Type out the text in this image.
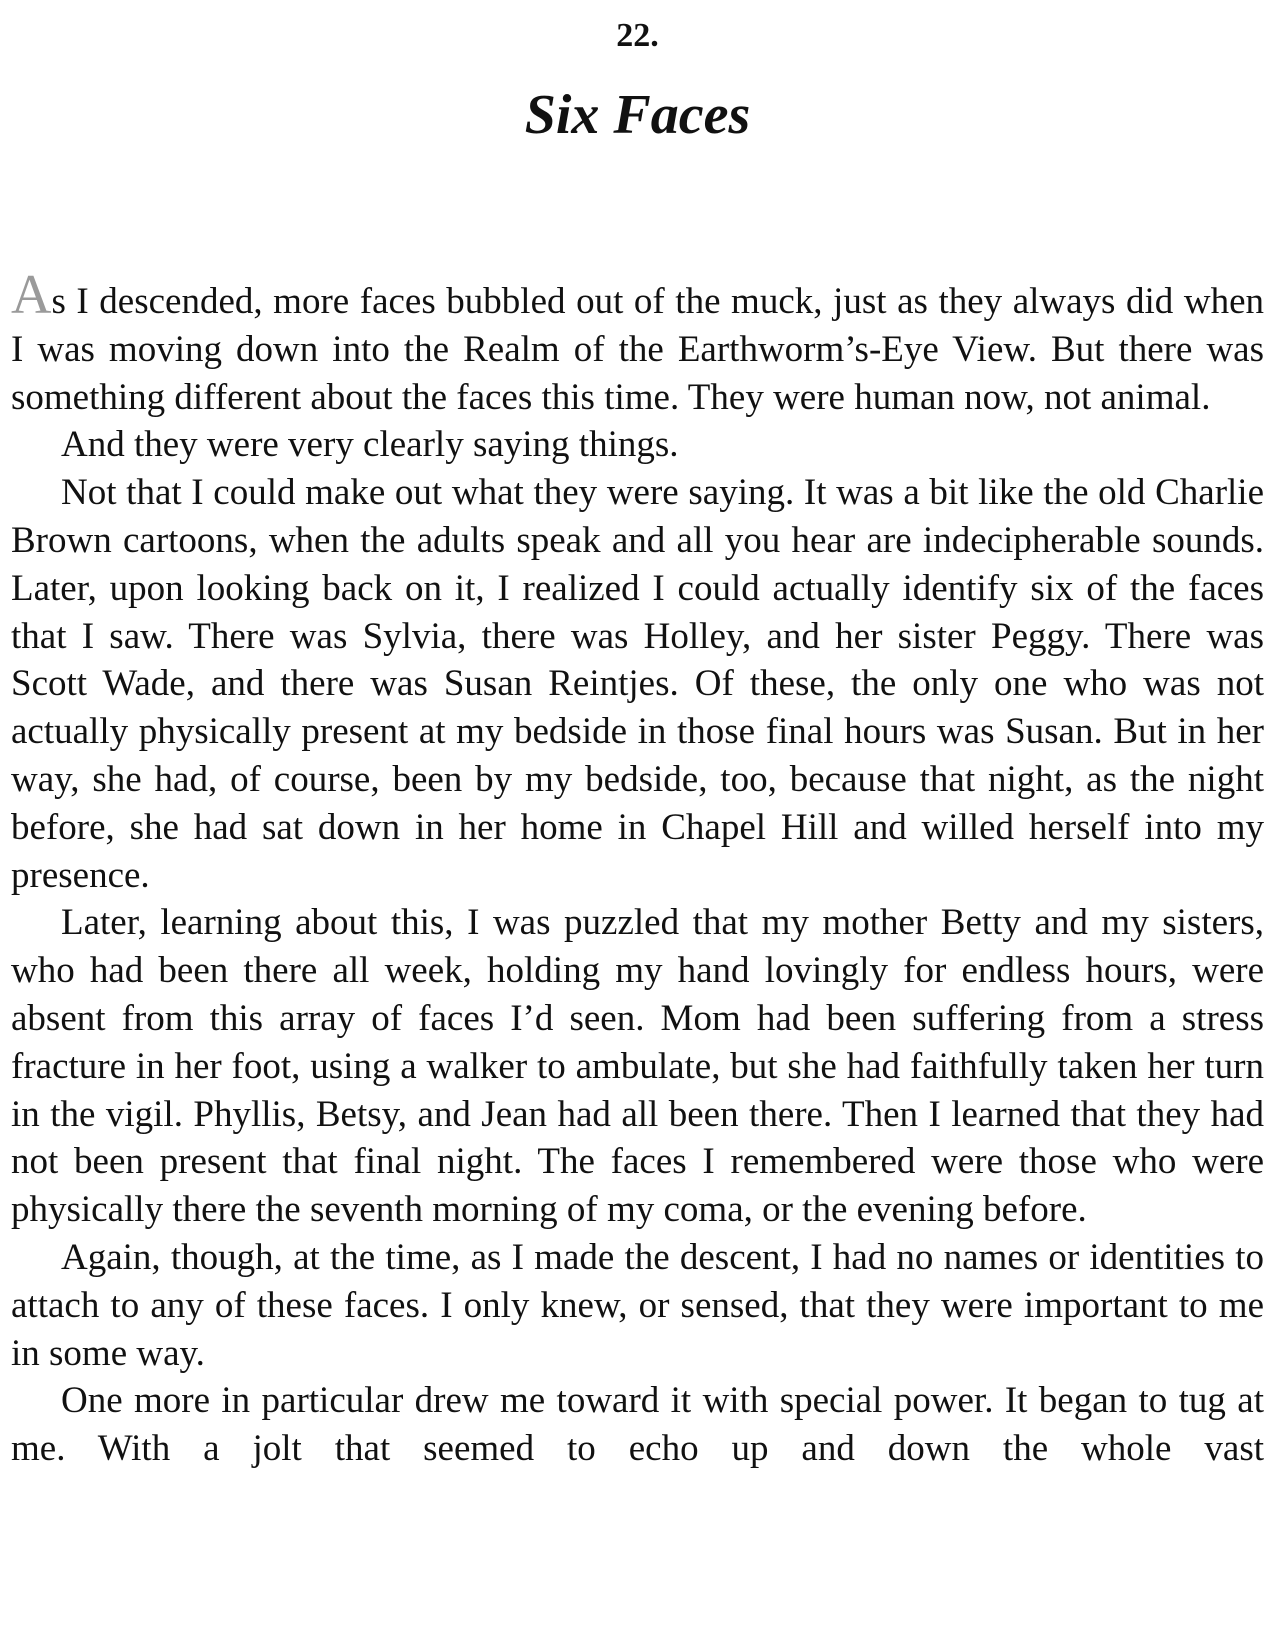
22.
Six Faces

As I descended, more faces bubbled out of the muck, just as they always did when I was moving down into the Realm of the Earthworm’s-Eye View. But there was something different about the faces this time. They were human now, not animal.

And they were very clearly saying things.

Not that I could make out what they were saying. It was a bit like the old Charlie Brown cartoons, when the adults speak and all you hear are indecipherable sounds. Later, upon looking back on it, I realized I could actually identify six of the faces that I saw. There was Sylvia, there was Holley, and her sister Peggy. There was Scott Wade, and there was Susan Reintjes. Of these, the only one who was not actually physically present at my bedside in those final hours was Susan. But in her way, she had, of course, been by my bedside, too, because that night, as the night before, she had sat down in her home in Chapel Hill and willed herself into my presence.

Later, learning about this, I was puzzled that my mother Betty and my sisters, who had been there all week, holding my hand lovingly for endless hours, were absent from this array of faces I’d seen. Mom had been suffering from a stress fracture in her foot, using a walker to ambulate, but she had faithfully taken her turn in the vigil. Phyllis, Betsy, and Jean had all been there. Then I learned that they had not been present that final night. The faces I remembered were those who were physically there the seventh morning of my coma, or the evening before.

Again, though, at the time, as I made the descent, I had no names or identities to attach to any of these faces. I only knew, or sensed, that they were important to me in some way.

One more in particular drew me toward it with special power. It began to tug at me. With a jolt that seemed to echo up and down the whole vast
